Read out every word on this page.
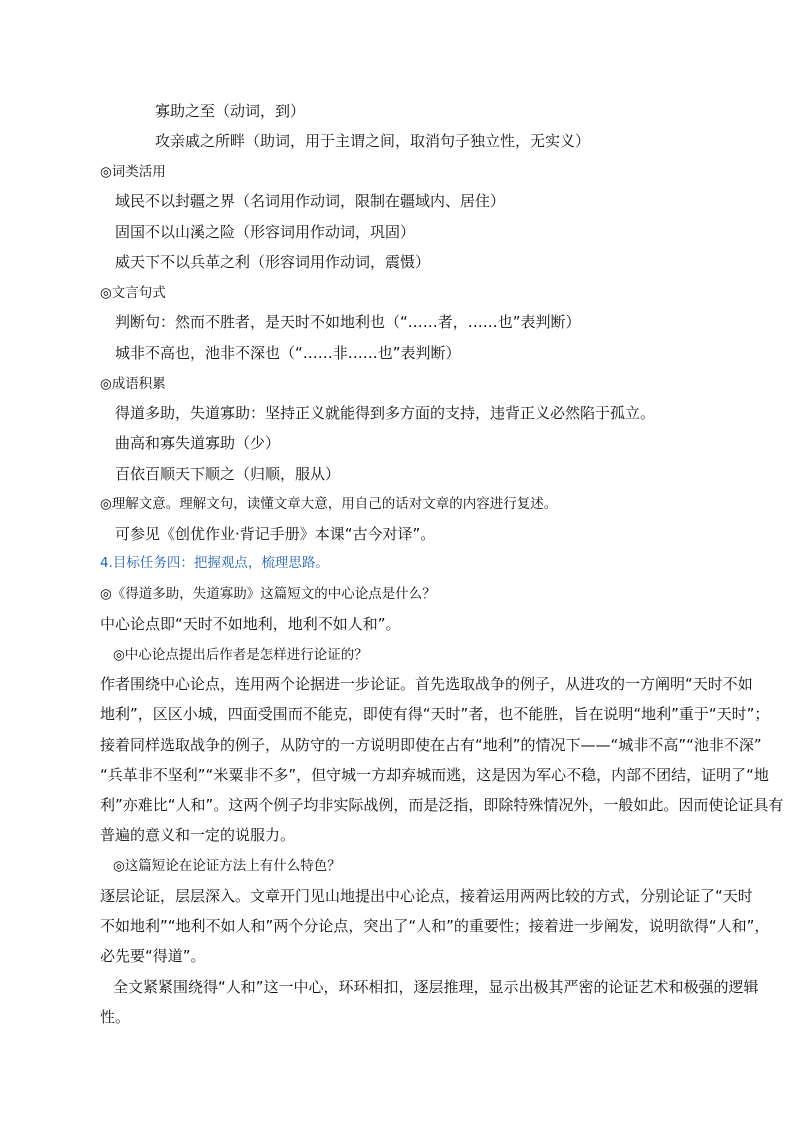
寡助之至（动词，到）
攻亲戚之所畔（助词，用于主谓之间，取消句子独立性，无实义）
◎词类活用
域民不以封疆之界（名词用作动词，限制在疆域内、居住）
固国不以山溪之险（形容词用作动词，巩固）
威天下不以兵革之利（形容词用作动词，震慑）
◎文言句式
判断句：然而不胜者，是天时不如地利也（“……者，……也”表判断）
城非不高也，池非不深也（“……非……也”表判断）
◎成语积累
得道多助，失道寡助：坚持正义就能得到多方面的支持，违背正义必然陷于孤立。
曲高和寡失道寡助（少）
百依百顺天下顺之（归顺，服从）
◎理解文意。理解文句，读懂文章大意，用自己的话对文章的内容进行复述。
可参见《创优作业·背记手册》本课“古今对译”。
4.目标任务四：把握观点，梳理思路。
◎《得道多助，失道寡助》这篇短文的中心论点是什么？
中心论点即“天时不如地利，地利不如人和”。
◎中心论点提出后作者是怎样进行论证的？
作者围绕中心论点，连用两个论据进一步论证。首先选取战争的例子，从进攻的一方阐明“天时不如
地利”，区区小城，四面受围而不能克，即使有得“天时”者，也不能胜，旨在说明“地利”重于“天时”；
接着同样选取战争的例子，从防守的一方说明即使在占有“地利”的情况下——“城非不高”“池非不深”
“兵革非不坚利”“米粟非不多”，但守城一方却弃城而逃，这是因为军心不稳，内部不团结，证明了“地
利”亦难比“人和”。这两个例子均非实际战例，而是泛指，即除特殊情况外，一般如此。因而使论证具有
普遍的意义和一定的说服力。
◎这篇短论在论证方法上有什么特色？
逐层论证，层层深入。文章开门见山地提出中心论点，接着运用两两比较的方式，分别论证了“天时
不如地利”“地利不如人和”两个分论点，突出了“人和”的重要性；接着进一步阐发，说明欲得“人和”，
必先要“得道”。
全文紧紧围绕得“人和”这一中心，环环相扣，逐层推理，显示出极其严密的论证艺术和极强的逻辑
性。
